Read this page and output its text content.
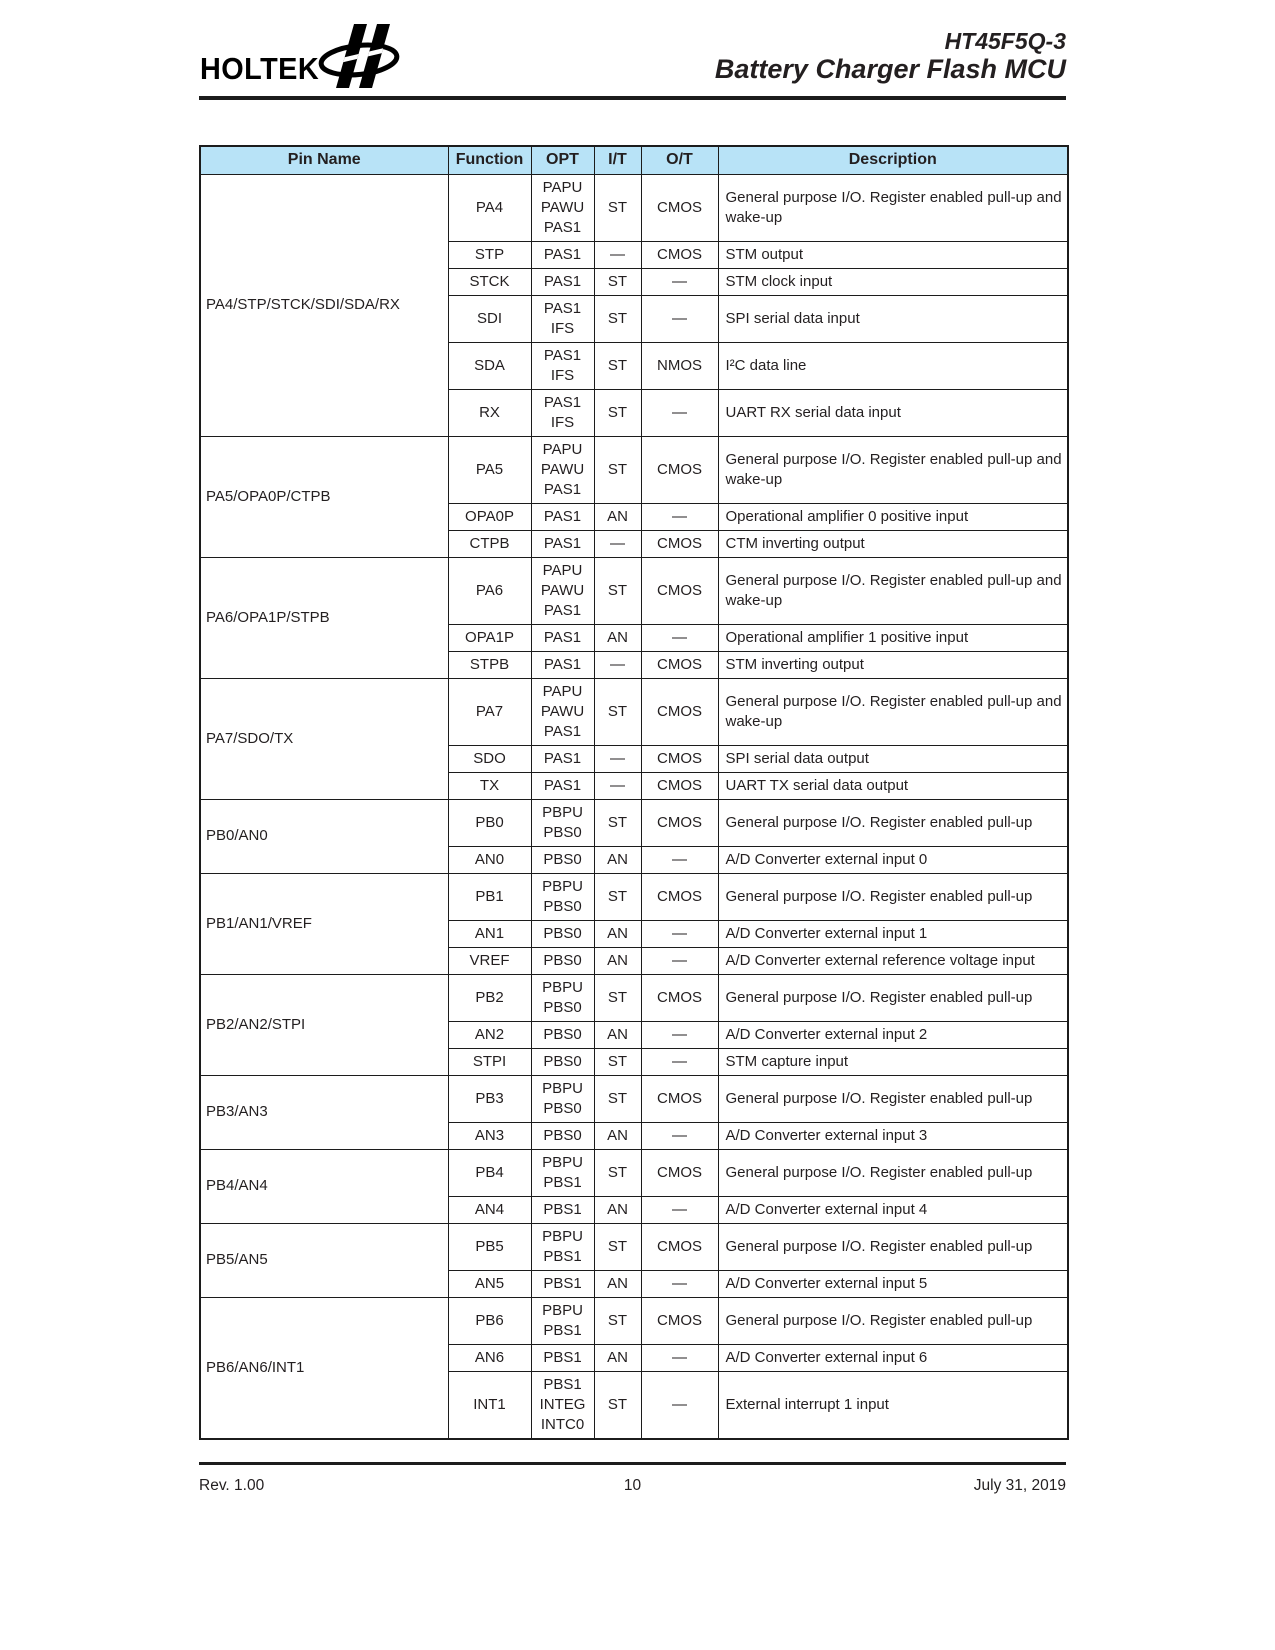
HOLTEK
HT45F5Q-3
Battery Charger Flash MCU
Pin Name	Function	OPT	I/T	O/T	Description
PA4/STP/STCK/SDI/SDA/RX	PA4	PAPU
PAWU
PAS1	ST	CMOS	General purpose I/O. Register enabled pull-up and wake-up
	STP	PAS1	—	CMOS	STM output
	STCK	PAS1	ST	—	STM clock input
	SDI	PAS1
IFS	ST	—	SPI serial data input
	SDA	PAS1
IFS	ST	NMOS	I²C data line
	RX	PAS1
IFS	ST	—	UART RX serial data input
PA5/OPA0P/CTPB	PA5	PAPU
PAWU
PAS1	ST	CMOS	General purpose I/O. Register enabled pull-up and wake-up
	OPA0P	PAS1	AN	—	Operational amplifier 0 positive input
	CTPB	PAS1	—	CMOS	CTM inverting output
PA6/OPA1P/STPB	PA6	PAPU
PAWU
PAS1	ST	CMOS	General purpose I/O. Register enabled pull-up and wake-up
	OPA1P	PAS1	AN	—	Operational amplifier 1 positive input
	STPB	PAS1	—	CMOS	STM inverting output
PA7/SDO/TX	PA7	PAPU
PAWU
PAS1	ST	CMOS	General purpose I/O. Register enabled pull-up and wake-up
	SDO	PAS1	—	CMOS	SPI serial data output
	TX	PAS1	—	CMOS	UART TX serial data output
PB0/AN0	PB0	PBPU
PBS0	ST	CMOS	General purpose I/O. Register enabled pull-up
	AN0	PBS0	AN	—	A/D Converter external input 0
PB1/AN1/VREF	PB1	PBPU
PBS0	ST	CMOS	General purpose I/O. Register enabled pull-up
	AN1	PBS0	AN	—	A/D Converter external input 1
	VREF	PBS0	AN	—	A/D Converter external reference voltage input
PB2/AN2/STPI	PB2	PBPU
PBS0	ST	CMOS	General purpose I/O. Register enabled pull-up
	AN2	PBS0	AN	—	A/D Converter external input 2
	STPI	PBS0	ST	—	STM capture input
PB3/AN3	PB3	PBPU
PBS0	ST	CMOS	General purpose I/O. Register enabled pull-up
	AN3	PBS0	AN	—	A/D Converter external input 3
PB4/AN4	PB4	PBPU
PBS1	ST	CMOS	General purpose I/O. Register enabled pull-up
	AN4	PBS1	AN	—	A/D Converter external input 4
PB5/AN5	PB5	PBPU
PBS1	ST	CMOS	General purpose I/O. Register enabled pull-up
	AN5	PBS1	AN	—	A/D Converter external input 5
PB6/AN6/INT1	PB6	PBPU
PBS1	ST	CMOS	General purpose I/O. Register enabled pull-up
	AN6	PBS1	AN	—	A/D Converter external input 6
	INT1	PBS1
INTEG
INTC0	ST	—	External interrupt 1 input
Rev. 1.00	10	July 31, 2019
